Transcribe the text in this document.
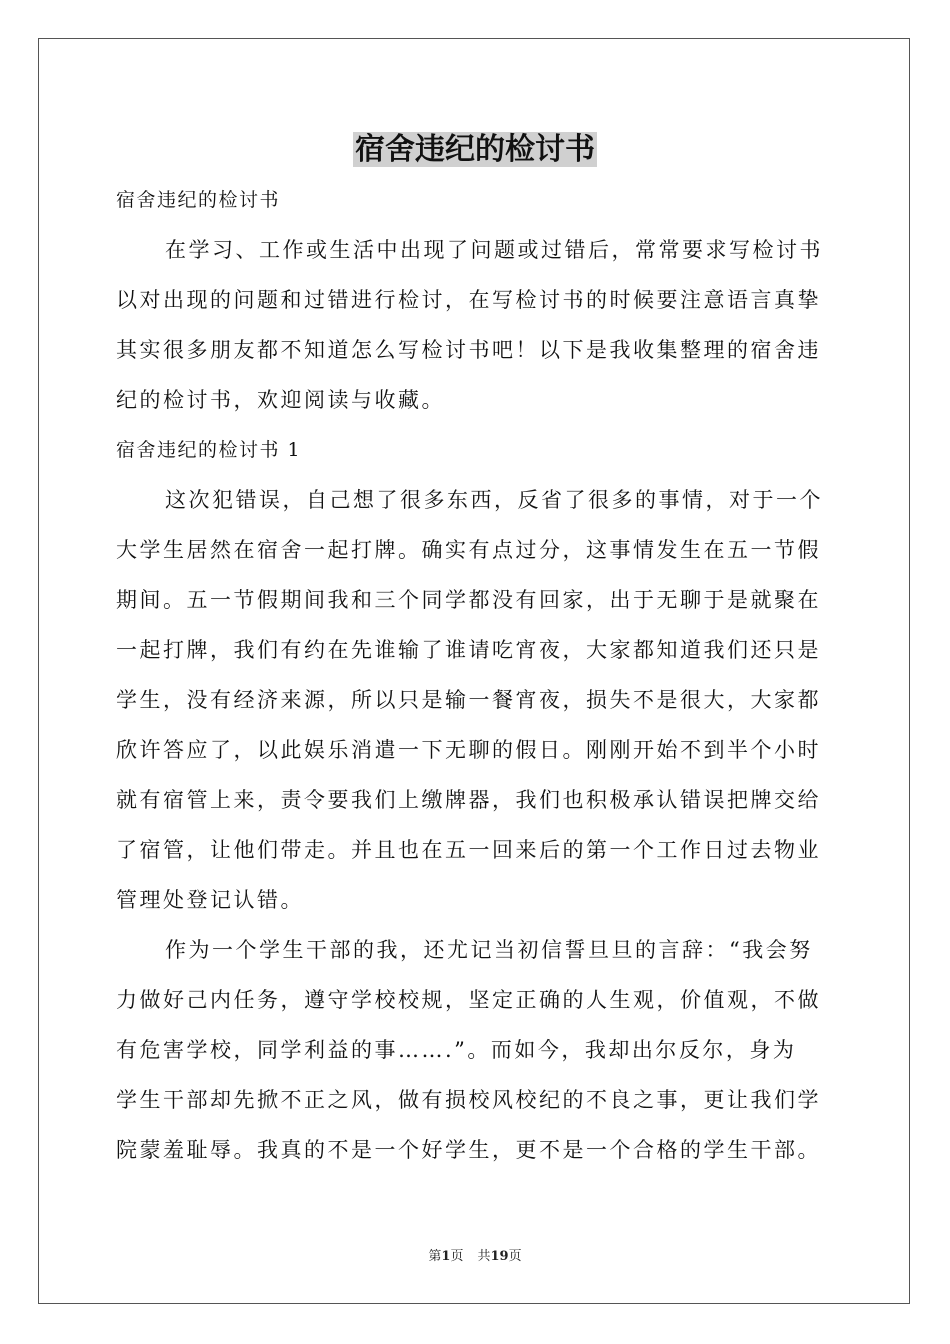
宿舍违纪的检讨书
宿舍违纪的检讨书
在学习、工作或生活中出现了问题或过错后，常常要求写检讨书
以对出现的问题和过错进行检讨，在写检讨书的时候要注意语言真挚
其实很多朋友都不知道怎么写检讨书吧！以下是我收集整理的宿舍违
纪的检讨书，欢迎阅读与收藏。
宿舍违纪的检讨书 1
这次犯错误，自己想了很多东西，反省了很多的事情，对于一个
大学生居然在宿舍一起打牌。确实有点过分，这事情发生在五一节假
期间。五一节假期间我和三个同学都没有回家，出于无聊于是就聚在
一起打牌，我们有约在先谁输了谁请吃宵夜，大家都知道我们还只是
学生，没有经济来源，所以只是输一餐宵夜，损失不是很大，大家都
欣许答应了，以此娱乐消遣一下无聊的假日。刚刚开始不到半个小时
就有宿管上来，责令要我们上缴牌器，我们也积极承认错误把牌交给
了宿管，让他们带走。并且也在五一回来后的第一个工作日过去物业
管理处登记认错。
作为一个学生干部的我，还尤记当初信誓旦旦的言辞：“我会努
力做好己内任务，遵守学校校规，坚定正确的人生观，价值观，不做
有危害学校，同学利益的事…….”。而如今，我却出尔反尔，身为
学生干部却先掀不正之风，做有损校风校纪的不良之事，更让我们学
院蒙羞耻辱。我真的不是一个好学生，更不是一个合格的学生干部。
第1页 共19页
